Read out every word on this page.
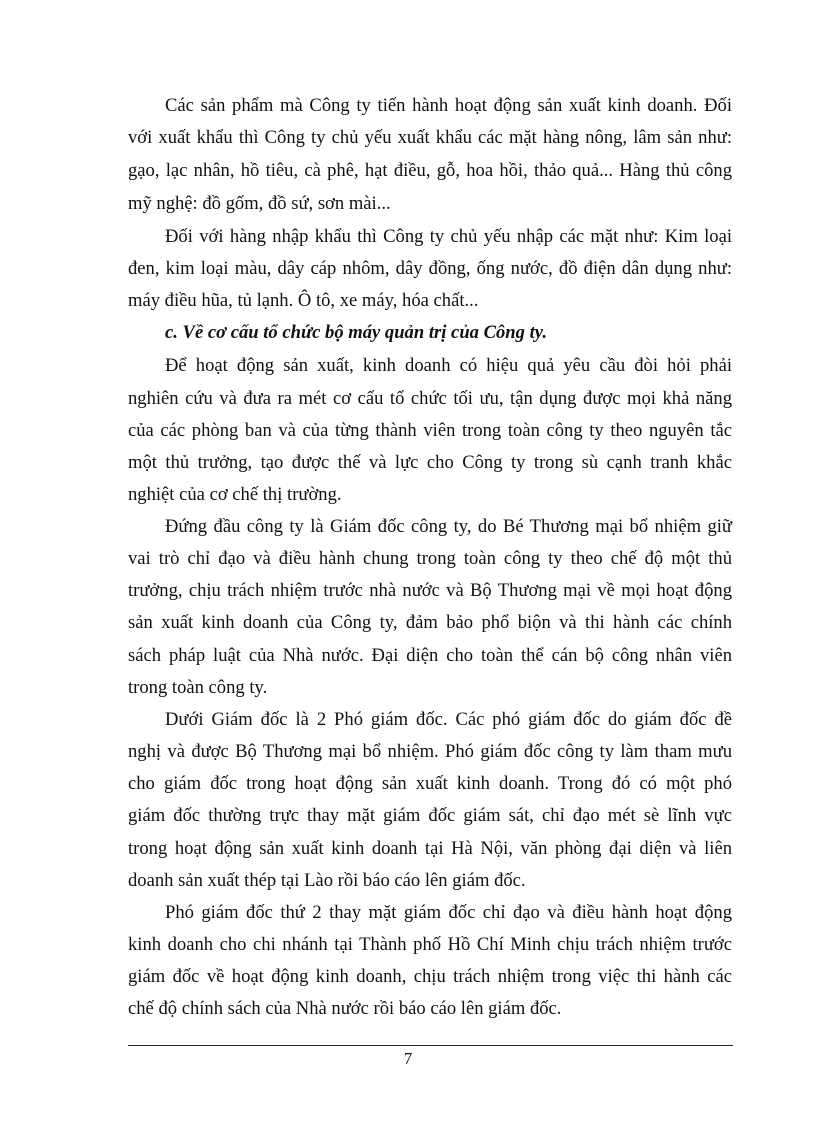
Các sản phẩm mà Công ty tiến hành hoạt động sản xuất kinh doanh. Đối
với xuất khẩu thì Công ty chủ yếu xuất khẩu các mặt hàng nông, lâm sản như:
gạo, lạc nhân, hồ tiêu, cà phê, hạt điều, gỗ, hoa hồi, thảo quả... Hàng thủ công
mỹ nghệ: đồ gốm, đồ sứ, sơn mài...
Đối với hàng nhập khẩu thì Công ty chủ yếu nhập các mặt như: Kim loại
đen, kim loại màu, dây cáp nhôm, dây đồng, ống nước, đồ điện dân dụng như:
máy điều hũa, tủ lạnh. Ô tô, xe máy, hóa chất...
c. Về cơ cấu tổ chức bộ máy quản trị của Công ty.
Để hoạt động sản xuất, kinh doanh có hiệu quả yêu cầu đòi hỏi phải
nghiên cứu và đưa ra mét cơ cấu tổ chức tối ưu, tận dụng được mọi khả năng
của các phòng ban và của từng thành viên trong toàn công ty theo nguyên tắc
một thủ trưởng, tạo được thế và lực cho Công ty trong sù cạnh tranh khắc
nghiệt của cơ chế thị trường.
Đứng đầu công ty là Giám đốc công ty, do Bé Thương mại bổ nhiệm giữ
vai trò chỉ đạo và điều hành chung trong toàn công ty theo chế độ một thủ
trưởng, chịu trách nhiệm trước nhà nước và Bộ Thương mại về mọi hoạt động
sản xuất kinh doanh của Công ty, đảm bảo phổ biộn và thi hành các chính
sách pháp luật của Nhà nước. Đại diện cho toàn thể cán bộ công nhân viên
trong toàn công ty.
Dưới Giám đốc là 2 Phó giám đốc. Các phó giám đốc do giám đốc đề
nghị và được Bộ Thương mại bổ nhiệm. Phó giám đốc công ty làm tham mưu
cho giám đốc trong hoạt động sản xuất kinh doanh. Trong đó có một phó
giám đốc thường trực thay mặt giám đốc giám sát, chỉ đạo mét sè lĩnh vực
trong hoạt động sản xuất kinh doanh tại Hà Nội, văn phòng đại diện và liên
doanh sản xuất thép tại Lào rồi báo cáo lên giám đốc.
Phó giám đốc thứ 2 thay mặt giám đốc chỉ đạo và điều hành hoạt động
kinh doanh cho chi nhánh tại Thành phố Hồ Chí Minh chịu trách nhiệm trước
giám đốc về hoạt động kinh doanh, chịu trách nhiệm trong việc thi hành các
chế độ chính sách của Nhà nước rồi báo cáo lên giám đốc.
7
